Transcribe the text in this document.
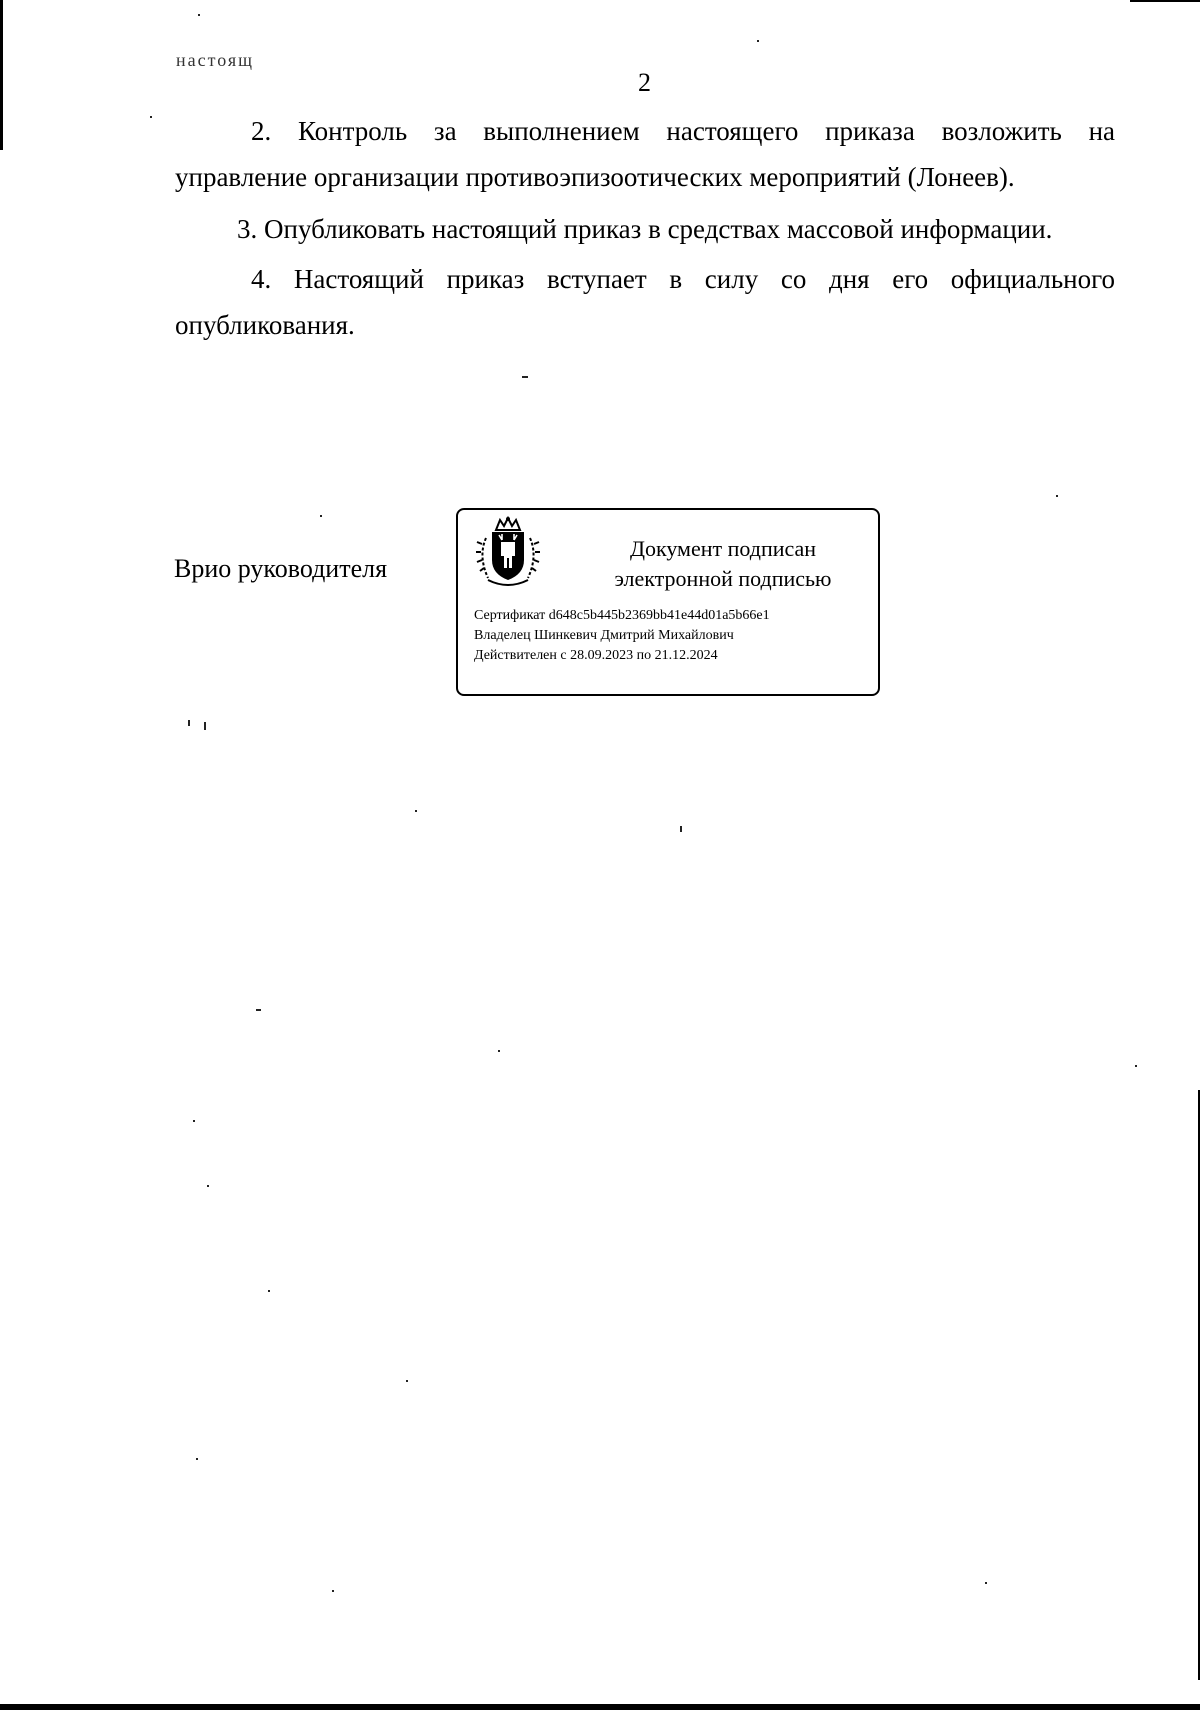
настоящ
2
2. Контроль за выполнением настоящего приказа возложить на
управление организации противоэпизоотических мероприятий (Лонеев).
3. Опубликовать настоящий приказ в средствах массовой информации.
4. Настоящий приказ вступает в силу со дня его официального
опубликования.
Врио руководителя
Документ подписан
электронной подписью
Сертификат d648c5b445b2369bb41e44d01a5b66e1
Владелец Шинкевич Дмитрий Михайлович
Действителен с 28.09.2023 по 21.12.2024
